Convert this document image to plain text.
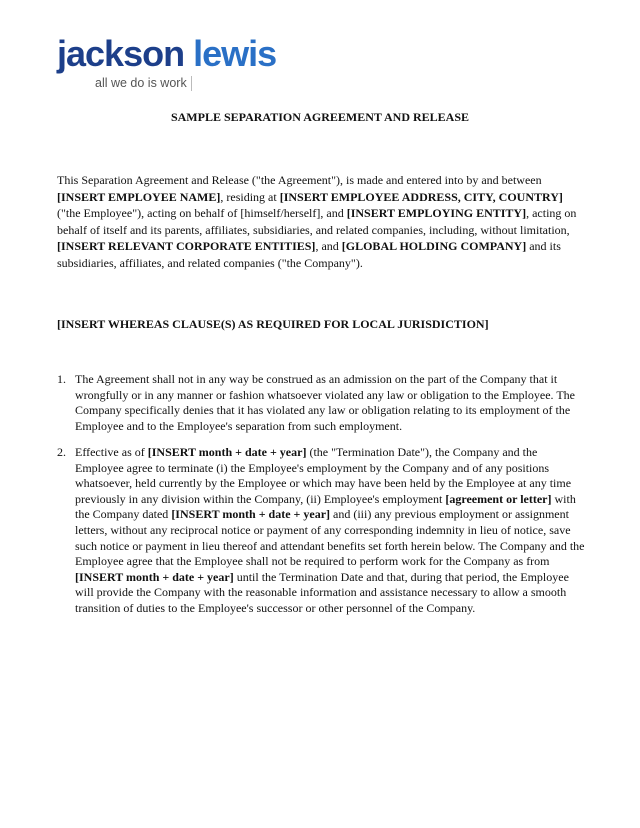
jackson lewis
all we do is work
SAMPLE SEPARATION AGREEMENT AND RELEASE
This Separation Agreement and Release ("the Agreement"), is made and entered into by and between [INSERT EMPLOYEE NAME], residing at [INSERT EMPLOYEE ADDRESS, CITY, COUNTRY] ("the Employee"), acting on behalf of [himself/herself], and [INSERT EMPLOYING ENTITY], acting on behalf of itself and its parents, affiliates, subsidiaries, and related companies, including, without limitation, [INSERT RELEVANT CORPORATE ENTITIES], and [GLOBAL HOLDING COMPANY] and its subsidiaries, affiliates, and related companies ("the Company").
[INSERT WHEREAS CLAUSE(S) AS REQUIRED FOR LOCAL JURISDICTION]
1. The Agreement shall not in any way be construed as an admission on the part of the Company that it wrongfully or in any manner or fashion whatsoever violated any law or obligation to the Employee. The Company specifically denies that it has violated any law or obligation relating to its employment of the Employee and to the Employee's separation from such employment.
2. Effective as of [INSERT month + date + year] (the "Termination Date"), the Company and the Employee agree to terminate (i) the Employee's employment by the Company and of any positions whatsoever, held currently by the Employee or which may have been held by the Employee at any time previously in any division within the Company, (ii) Employee's employment [agreement or letter] with the Company dated [INSERT month + date + year] and (iii) any previous employment or assignment letters, without any reciprocal notice or payment of any corresponding indemnity in lieu of notice, save such notice or payment in lieu thereof and attendant benefits set forth herein below. The Company and the Employee agree that the Employee shall not be required to perform work for the Company as from [INSERT month + date + year] until the Termination Date and that, during that period, the Employee will provide the Company with the reasonable information and assistance necessary to allow a smooth transition of duties to the Employee's successor or other personnel of the Company.
